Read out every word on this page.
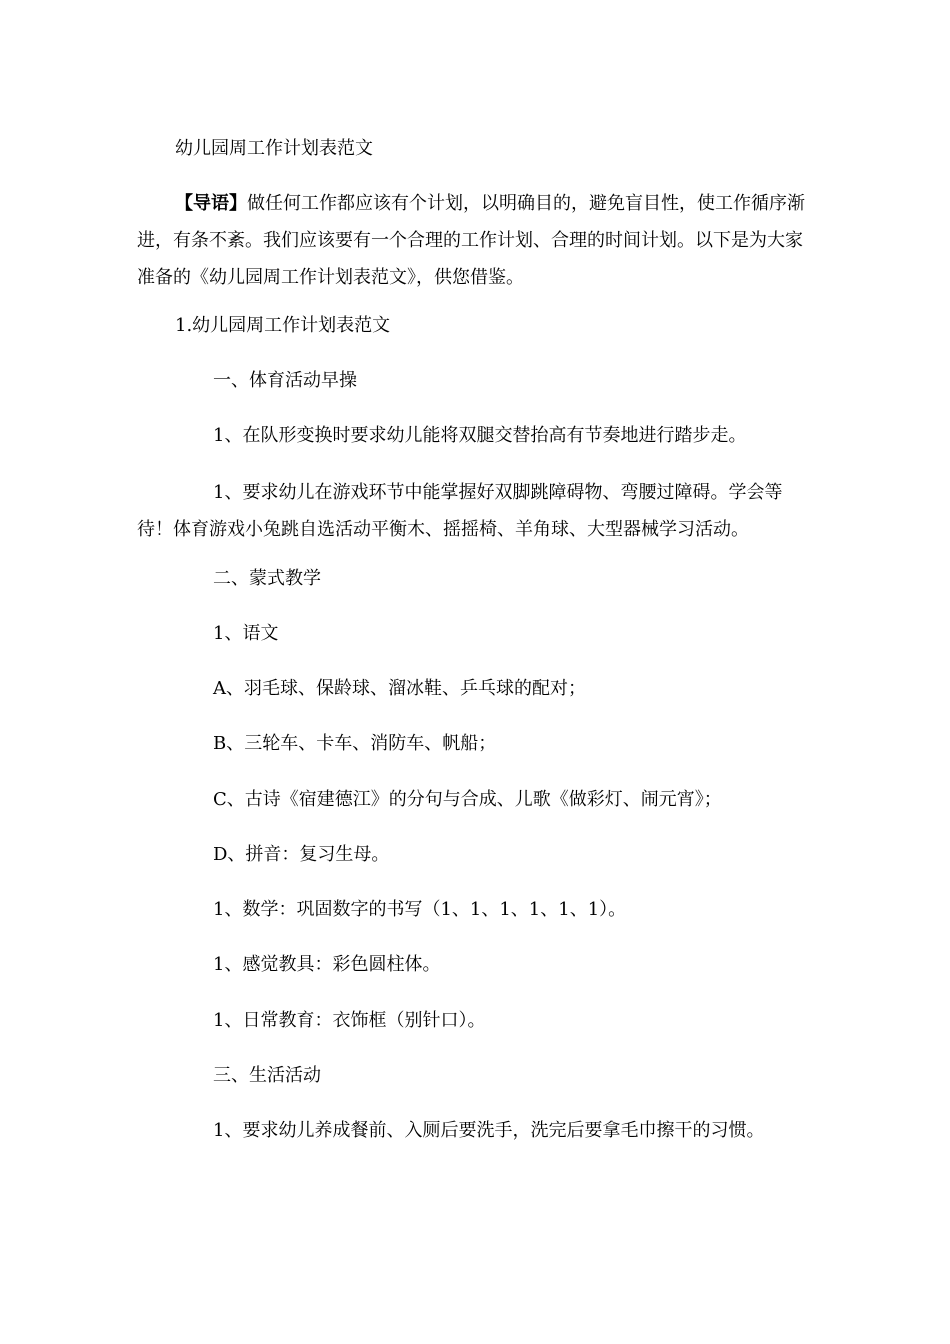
幼儿园周工作计划表范文

【导语】做任何工作都应该有个计划，以明确目的，避免盲目性，使工作循序渐进，有条不紊。我们应该要有一个合理的工作计划、合理的时间计划。以下是为大家准备的《幼儿园周工作计划表范文》，供您借鉴。

1.幼儿园周工作计划表范文

一、体育活动早操

1、在队形变换时要求幼儿能将双腿交替抬高有节奏地进行踏步走。

1、要求幼儿在游戏环节中能掌握好双脚跳障碍物、弯腰过障碍。学会等待！体育游戏小兔跳自选活动平衡木、摇摇椅、羊角球、大型器械学习活动。

二、蒙式教学

1、语文

A、羽毛球、保龄球、溜冰鞋、乒乓球的配对；

B、三轮车、卡车、消防车、帆船；

C、古诗《宿建德江》的分句与合成、儿歌《做彩灯、闹元宵》；

D、拼音：复习生母。

1、数学：巩固数字的书写（1、1、1、1、1、1）。

1、感觉教具：彩色圆柱体。

1、日常教育：衣饰框（别针口）。

三、生活活动

1、要求幼儿养成餐前、入厕后要洗手，洗完后要拿毛巾擦干的习惯。
